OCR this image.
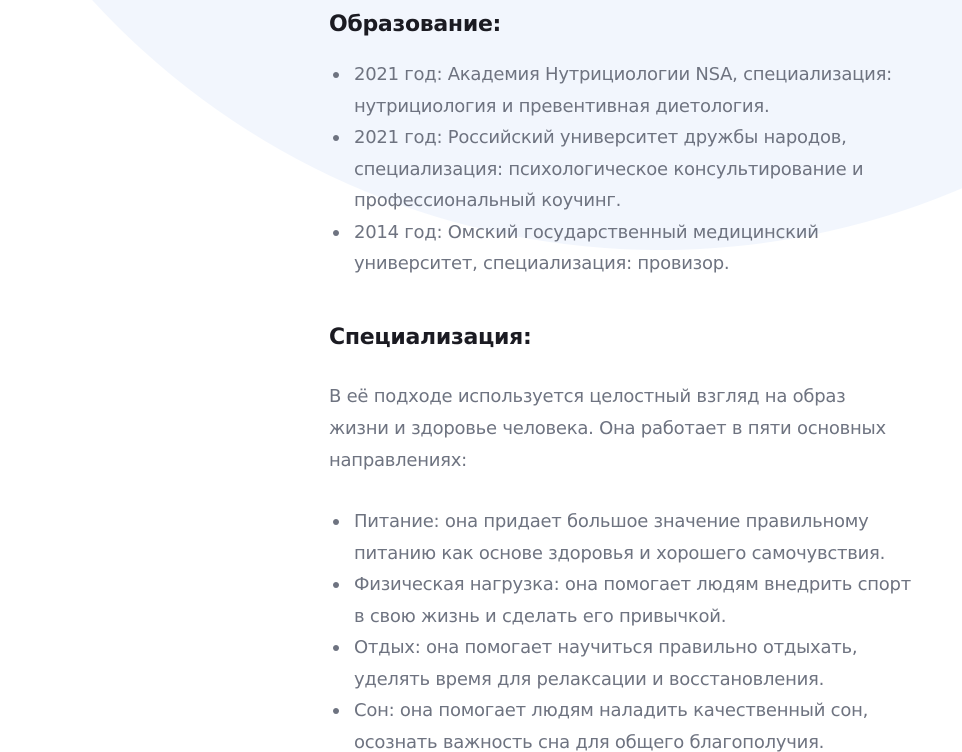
Образование:
2021 год: Академия Нутрициологии NSA, специализация: нутрициология и превентивная диетология.
2021 год: Российский университет дружбы народов, специализация: психологическое консультирование и профессиональный коучинг.
2014 год: Омский государственный медицинский университет, специализация: провизор.
Специализация:

В её подходе используется целостный взгляд на образ жизни и здоровье человека. Она работает в пяти основных направлениях:

Питание: она придает большое значение правильному питанию как основе здоровья и хорошего самочувствия.
Физическая нагрузка: она помогает людям внедрить спорт в свою жизнь и сделать его привычкой.
Отдых: она помогает научиться правильно отдыхать, уделять время для релаксации и восстановления.
Сон: она помогает людям наладить качественный сон, осознать важность сна для общего благополучия.
